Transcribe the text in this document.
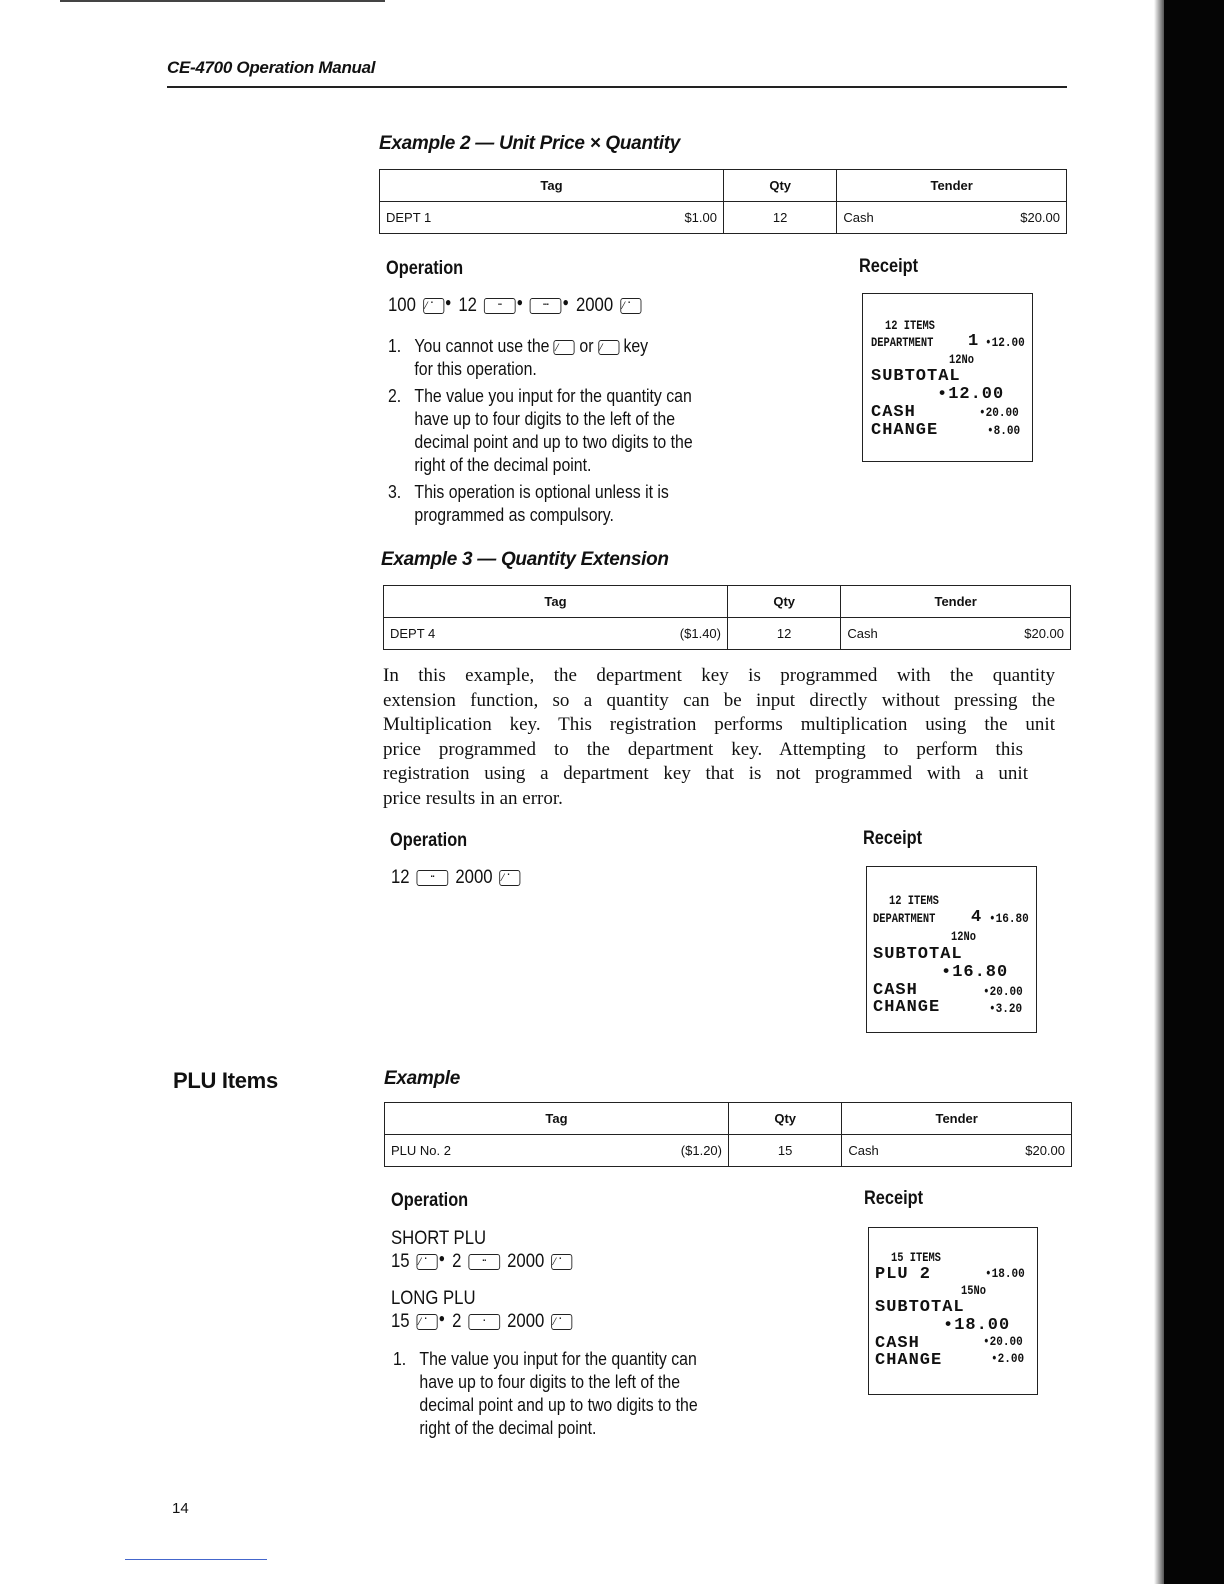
CE-4700 Operation Manual
Example 2 — Unit Price × Quantity
Tag	Qty	Tender

DEPT 1 $1.00	12	Cash $20.00
Operation	Receipt
100 ⁄ ▪ ● 12	▪▪	●	▪▪▪	● 2000 ⁄ ▪
1. You cannot use the ⁄ or ⁄ key
for this operation.
2. The value you input for the quantity can
have up to four digits to the left of the
decimal point and up to two digits to the
right of the decimal point.
3. This operation is optional unless it is
programmed as compulsory.
12 ITEMS
DEPARTMENT 1 •12.00
12No
SUBTOTAL
•12.00
CASH	•20.00
CHANGE	•8.00
Example 3 — Quantity Extension
Tag	Qty	Tender

DEPT 4 ($1.40)	12	Cash $20.00
In this example, the department key is programmed with the quantity
extension function, so a quantity can be input directly without pressing the
Multiplication key. This registration performs multiplication using the unit
price programmed to the department key. Attempting to perform this
registration using a department key that is not programmed with a unit
price results in an error.
Operation	Receipt
12	▪▪	2000 ⁄ ▪
12 ITEMS
DEPARTMENT 4 •16.80
12No
SUBTOTAL
•16.80
CASH	•20.00
CHANGE	•3.20
PLU Items	Example
Tag	Qty	Tender

PLU No. 2 ($1.20)	15	Cash $20.00
Operation	Receipt
SHORT PLU
15 ⁄ ▪ ● 2	▪▪	2000 ⁄ ▪
LONG PLU
15 ⁄ ▪ ● 2	▪	2000 ⁄ ▪
1. The value you input for the quantity can
have up to four digits to the left of the
decimal point and up to two digits to the
right of the decimal point.
15 ITEMS
PLU 2	•18.00
15No
SUBTOTAL
•18.00
CASH	•20.00
CHANGE	•2.00
14
